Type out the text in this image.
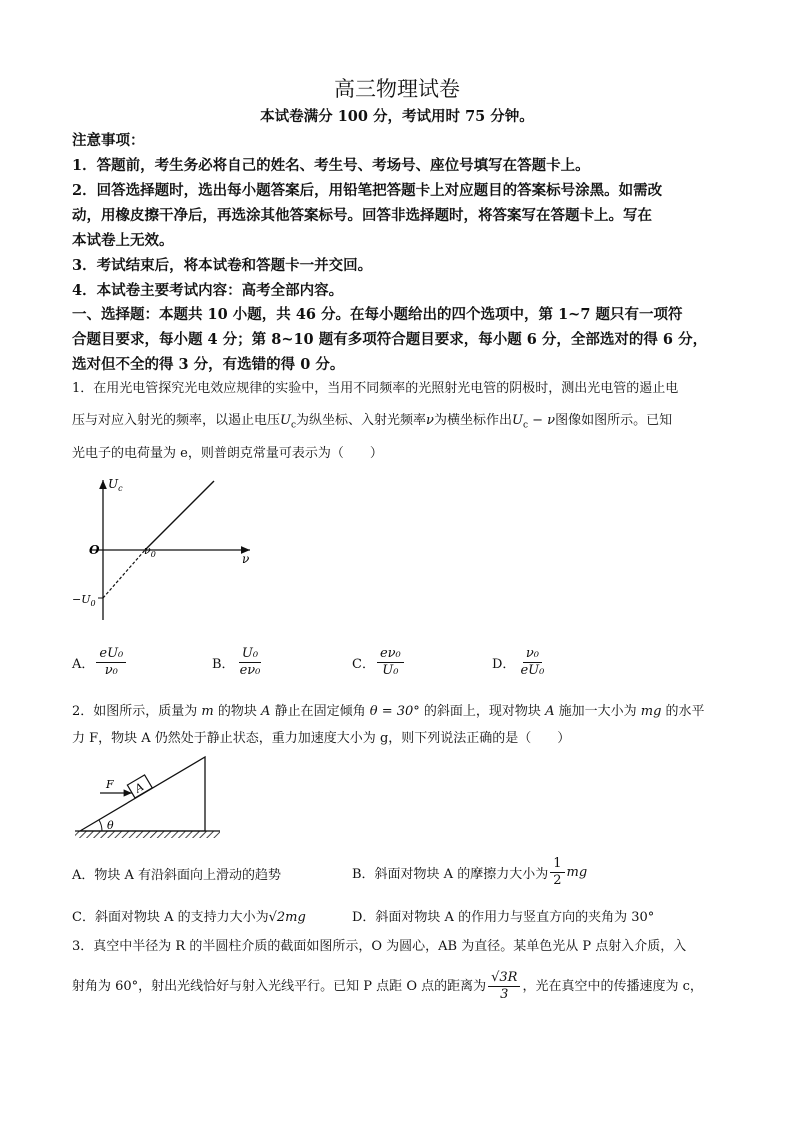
高三物理试卷
本试卷满分 100 分，考试用时 75 分钟。
注意事项：
1．答题前，考生务必将自己的姓名、考生号、考场号、座位号填写在答题卡上。
2．回答选择题时，选出每小题答案后，用铅笔把答题卡上对应题目的答案标号涂黑。如需改
动，用橡皮擦干净后，再选涂其他答案标号。回答非选择题时，将答案写在答题卡上。写在
本试卷上无效。
3．考试结束后，将本试卷和答题卡一并交回。
4．本试卷主要考试内容：高考全部内容。
一、选择题：本题共 10 小题，共 46 分。在每小题给出的四个选项中，第 1~7 题只有一项符
合题目要求，每小题 4 分；第 8~10 题有多项符合题目要求，每小题 6 分，全部选对的得 6 分，
选对但不全的得 3 分，有选错的得 0 分。
1．在用光电管探究光电效应规律的实验中，当用不同频率的光照射光电管的阴极时，测出光电管的遏止电
压与对应入射光的频率，以遏止电压$U_c$为纵坐标、入射光频率ν为横坐标作出$U_c - \nu$图像如图所示。已知
光电子的电荷量为 e，则普朗克常量可表示为（　　）
$U_c$
O
ν
$\nu_0$
$-U_0$
A． $\frac{\text{eU₀}}{\text{ν₀}}$	B． $\frac{\text{U₀}}{\text{eν₀}}$	C． $\frac{\text{eν₀}}{\text{U₀}}$	D． $\frac{\text{ν₀}}{\text{eU₀}}$
2．如图所示，质量为 m 的物块 A 静止在固定倾角 θ = 30° 的斜面上，现对物块 A 施加一大小为 mg 的水平
力 F，物块 A 仍然处于静止状态，重力加速度大小为 g，则下列说法正确的是（　　）
θ
A
F
A．物块 A 有沿斜面向上滑动的趋势	B．斜面对物块 A 的摩擦力大小为 $\frac{1}{2}$ mg
C．斜面对物块 A 的支持力大小为√2mg	D．斜面对物块 A 的作用力与竖直方向的夹角为 30°
3．真空中半径为 R 的半圆柱介质的截面如图所示，O 为圆心，AB 为直径。某单色光从 P 点射入介质，入
射角为 60°，射出光线恰好与射入光线平行。已知 P 点距 O 点的距离为 $\frac{√3R}{3}$ ，光在真空中的传播速度为 c，
